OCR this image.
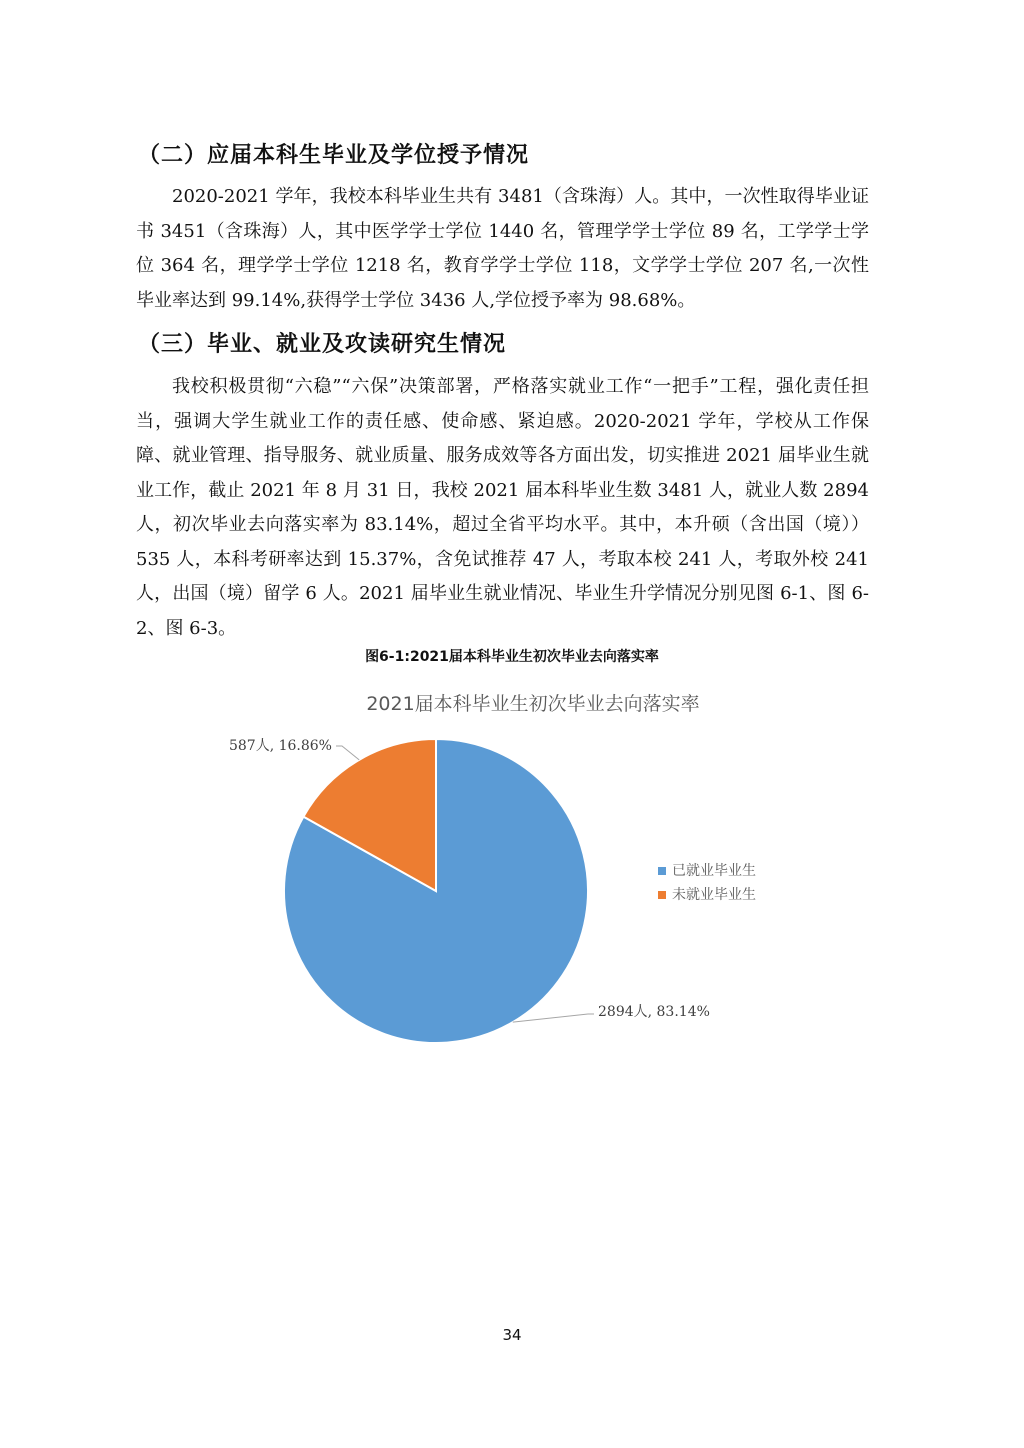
（二）应届本科生毕业及学位授予情况

2020-2021 学年，我校本科毕业生共有 3481（含珠海）人。其中，一次性取得毕业证书 3451（含珠海）人，其中医学学士学位 1440 名，管理学学士学位 89 名，工学学士学位 364 名，理学学士学位 1218 名，教育学学士学位 118，文学学士学位 207 名,一次性毕业率达到 99.14%,获得学士学位 3436 人,学位授予率为 98.68%。

（三）毕业、就业及攻读研究生情况

我校积极贯彻“六稳”“六保”决策部署，严格落实就业工作“一把手”工程，强化责任担当，强调大学生就业工作的责任感、使命感、紧迫感。2020-2021 学年，学校从工作保障、就业管理、指导服务、就业质量、服务成效等各方面出发，切实推进 2021 届毕业生就业工作，截止 2021 年 8 月 31 日，我校 2021 届本科毕业生数 3481 人，就业人数 2894 人，初次毕业去向落实率为 83.14%，超过全省平均水平。其中，本升硕（含出国（境））535 人，本科考研率达到 15.37%，含免试推荐 47 人，考取本校 241 人，考取外校 241 人，出国（境）留学 6 人。2021 届毕业生就业情况、毕业生升学情况分别见图 6-1、图 6-2、图 6-3。

图6-1:2021届本科毕业生初次毕业去向落实率

2021届本科毕业生初次毕业去向落实率
2894人, 83.14%
587人, 16.86%
已就业毕业生
未就业毕业生
34
